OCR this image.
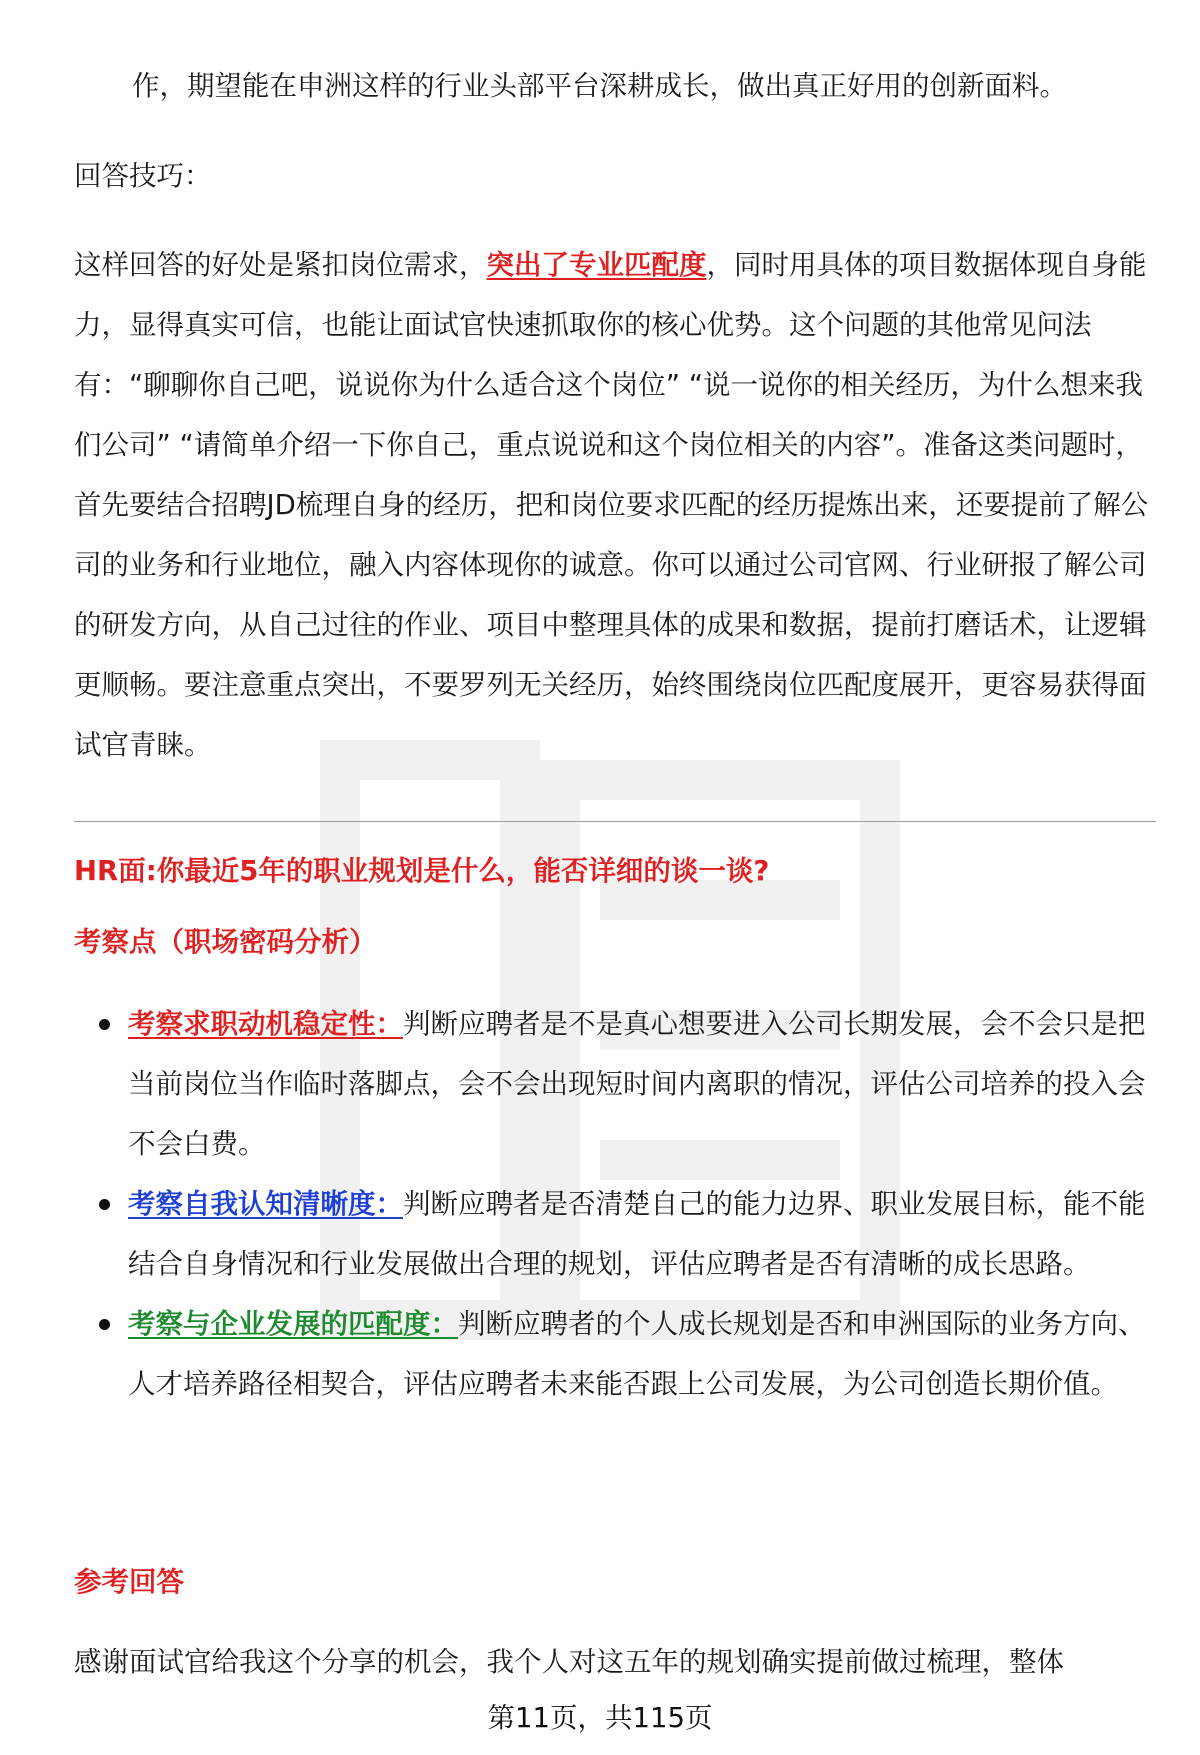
作，期望能在申洲这样的行业头部平台深耕成长，做出真正好用的创新面料。

回答技巧：

这样回答的好处是紧扣岗位需求，突出了专业匹配度，同时用具体的项目数据体现自身能力，显得真实可信，也能让面试官快速抓取你的核心优势。这个问题的其他常见问法有：“聊聊你自己吧，说说你为什么适合这个岗位” “说一说你的相关经历，为什么想来我们公司” “请简单介绍一下你自己，重点说说和这个岗位相关的内容”。准备这类问题时，首先要结合招聘JD梳理自身的经历，把和岗位要求匹配的经历提炼出来，还要提前了解公司的业务和行业地位，融入内容体现你的诚意。你可以通过公司官网、行业研报了解公司的研发方向，从自己过往的作业、项目中整理具体的成果和数据，提前打磨话术，让逻辑更顺畅。要注意重点突出，不要罗列无关经历，始终围绕岗位匹配度展开，更容易获得面试官青睐。

HR面:你最近5年的职业规划是什么，能否详细的谈一谈?
考察点（职场密码分析）
考察求职动机稳定性：判断应聘者是不是真心想要进入公司长期发展，会不会只是把当前岗位当作临时落脚点，会不会出现短时间内离职的情况，评估公司培养的投入会不会白费。
考察自我认知清晰度：判断应聘者是否清楚自己的能力边界、职业发展目标，能不能结合自身情况和行业发展做出合理的规划，评估应聘者是否有清晰的成长思路。
考察与企业发展的匹配度：判断应聘者的个人成长规划是否和申洲国际的业务方向、人才培养路径相契合，评估应聘者未来能否跟上公司发展，为公司创造长期价值。
参考回答

感谢面试官给我这个分享的机会，我个人对这五年的规划确实提前做过梳理，整体

第11页，共115页
